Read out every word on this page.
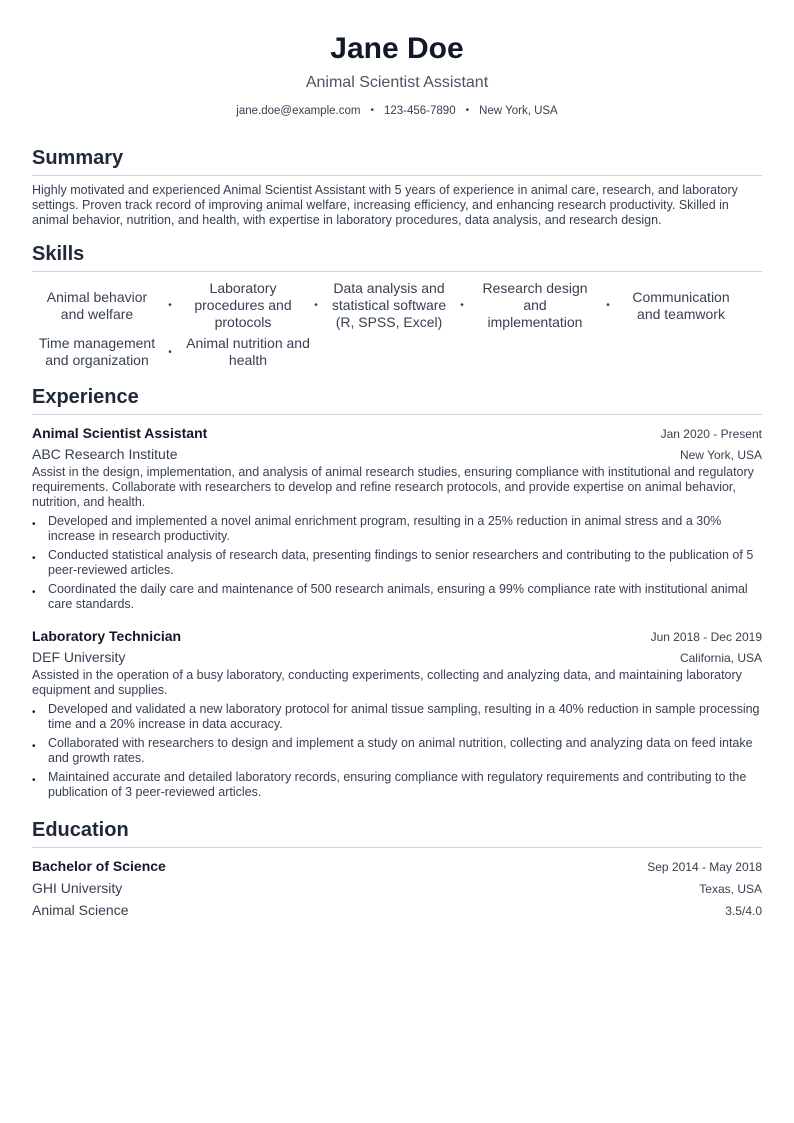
Jane Doe
Animal Scientist Assistant
jane.doe@example.com • 123-456-7890 • New York, USA
Summary
Highly motivated and experienced Animal Scientist Assistant with 5 years of experience in animal care, research, and laboratory settings. Proven track record of improving animal welfare, increasing efficiency, and enhancing research productivity. Skilled in animal behavior, nutrition, and health, with expertise in laboratory procedures, data analysis, and research design.
Skills
Animal behavior and welfare	•
Laboratory procedures and protocols
•
Data analysis and statistical software (R, SPSS, Excel)
•
Research design and implementation
•
Communication and teamwork
Time management and organization	•
Animal nutrition and health
Experience
Animal Scientist Assistant	Jan 2020 - Present
ABC Research Institute	New York, USA
Assist in the design, implementation, and analysis of animal research studies, ensuring compliance with institutional and regulatory requirements. Collaborate with researchers to develop and refine research protocols, and provide expertise on animal behavior, nutrition, and health.
• Developed and implemented a novel animal enrichment program, resulting in a 25% reduction in animal stress and a 30% increase in research productivity.
• Conducted statistical analysis of research data, presenting findings to senior researchers and contributing to the publication of 5 peer-reviewed articles.
• Coordinated the daily care and maintenance of 500 research animals, ensuring a 99% compliance rate with institutional animal care standards.
Laboratory Technician	Jun 2018 - Dec 2019
DEF University	California, USA
Assisted in the operation of a busy laboratory, conducting experiments, collecting and analyzing data, and maintaining laboratory equipment and supplies.
• Developed and validated a new laboratory protocol for animal tissue sampling, resulting in a 40% reduction in sample processing time and a 20% increase in data accuracy.
• Collaborated with researchers to design and implement a study on animal nutrition, collecting and analyzing data on feed intake and growth rates.
• Maintained accurate and detailed laboratory records, ensuring compliance with regulatory requirements and contributing to the publication of 3 peer-reviewed articles.
Education
Bachelor of Science	Sep 2014 - May 2018
GHI University	Texas, USA
Animal Science	3.5/4.0
